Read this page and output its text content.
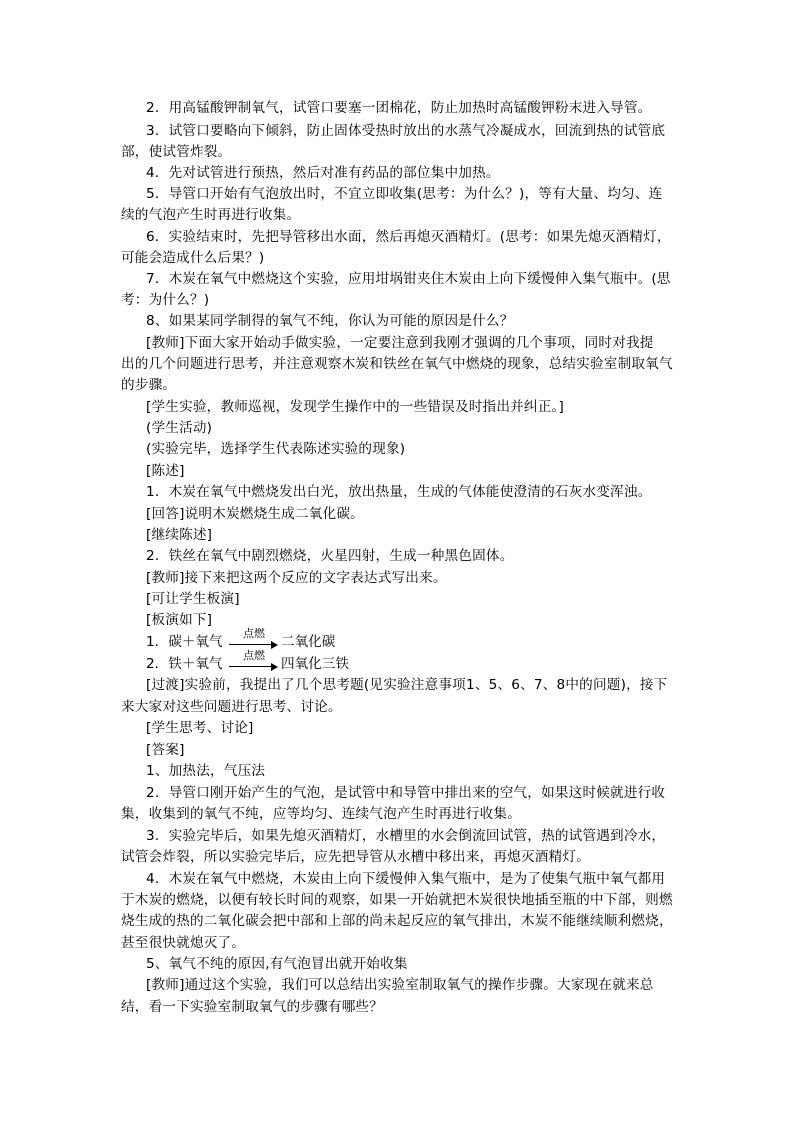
2．用高锰酸钾制氧气，试管口要塞一团棉花，防止加热时高锰酸钾粉末进入导管。
3．试管口要略向下倾斜，防止固体受热时放出的水蒸气冷凝成水，回流到热的试管底
部，使试管炸裂。
4．先对试管进行预热，然后对准有药品的部位集中加热。
5．导管口开始有气泡放出时，不宜立即收集(思考：为什么？)，等有大量、均匀、连
续的气泡产生时再进行收集。
6．实验结束时，先把导管移出水面，然后再熄灭酒精灯。(思考：如果先熄灭酒精灯，
可能会造成什么后果？)
7．木炭在氧气中燃烧这个实验，应用坩埚钳夹住木炭由上向下缓慢伸入集气瓶中。(思
考：为什么？)
8、如果某同学制得的氧气不纯，你认为可能的原因是什么？
[教师]下面大家开始动手做实验，一定要注意到我刚才强调的几个事项，同时对我提
出的几个问题进行思考，并注意观察木炭和铁丝在氧气中燃烧的现象，总结实验室制取氧气
的步骤。
[学生实验，教师巡视，发现学生操作中的一些错误及时指出并纠正。]
(学生活动)
(实验完毕，选择学生代表陈述实验的现象)
[陈述]
1．木炭在氧气中燃烧发出白光，放出热量，生成的气体能使澄清的石灰水变浑浊。
[回答]说明木炭燃烧生成二氧化碳。
[继续陈述]
2．铁丝在氧气中剧烈燃烧，火星四射，生成一种黑色固体。
[教师]接下来把这两个反应的文字表达式写出来。
[可让学生板演]
[板演如下]
1．碳＋氧气
点燃
→ 二氧化碳
2．铁＋氧气
点燃
→ 四氧化三铁
[过渡]实验前，我提出了几个思考题(见实验注意事项1、5、6、7、8中的问题)，接下
来大家对这些问题进行思考、讨论。
[学生思考、讨论]
[答案]
1、加热法，气压法
2．导管口刚开始产生的气泡，是试管中和导管中排出来的空气，如果这时候就进行收
集，收集到的氧气不纯，应等均匀、连续气泡产生时再进行收集。
3．实验完毕后，如果先熄灭酒精灯，水槽里的水会倒流回试管，热的试管遇到冷水，
试管会炸裂，所以实验完毕后，应先把导管从水槽中移出来，再熄灭酒精灯。
4．木炭在氧气中燃烧，木炭由上向下缓慢伸入集气瓶中，是为了使集气瓶中氧气都用
于木炭的燃烧，以便有较长时间的观察，如果一开始就把木炭很快地插至瓶的中下部，则燃
烧生成的热的二氧化碳会把中部和上部的尚未起反应的氧气排出，木炭不能继续顺利燃烧，
甚至很快就熄灭了。
5、氧气不纯的原因,有气泡冒出就开始收集
[教师]通过这个实验，我们可以总结出实验室制取氧气的操作步骤。大家现在就来总
结，看一下实验室制取氧气的步骤有哪些？
